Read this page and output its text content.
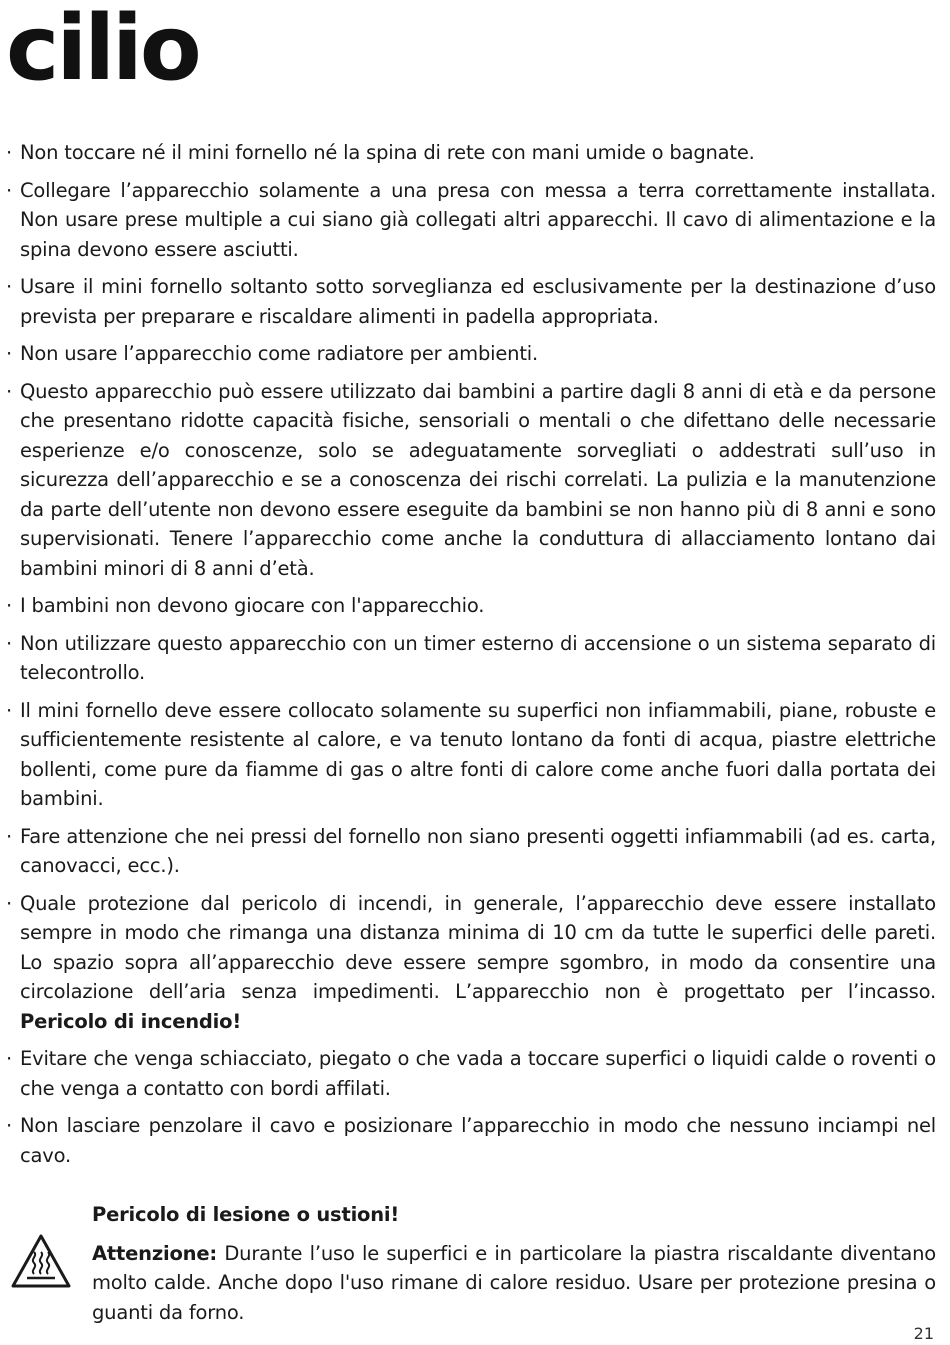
cilio
· Non toccare né il mini fornello né la spina di rete con mani umide o bagnate.
· Collegare l’apparecchio solamente a una presa con messa a terra correttamente installata. Non usare prese multiple a cui siano già collegati altri apparecchi. Il cavo di alimentazione e la spina devono essere asciutti.
· Usare il mini fornello soltanto sotto sorveglianza ed esclusivamente per la destinazione d’uso prevista per preparare e riscaldare alimenti in padella appropriata.
· Non usare l’apparecchio come radiatore per ambienti.
· Questo apparecchio può essere utilizzato dai bambini a partire dagli 8 anni di età e da persone che presentano ridotte capacità fisiche, sensoriali o mentali o che difettano delle necessarie esperienze e/o conoscenze, solo se adeguatamente sorvegliati o addestrati sull’uso in sicurezza dell’apparecchio e se a conoscenza dei rischi correlati. La pulizia e la manutenzione da parte dell’utente non devono essere eseguite da bambini se non hanno più di 8 anni e sono supervisionati. Tenere l’apparecchio come anche la conduttura di allacciamento lontano dai bambini minori di 8 anni d’età.
· I bambini non devono giocare con l'apparecchio.
· Non utilizzare questo apparecchio con un timer esterno di accensione o un sistema separato di telecontrollo.
· Il mini fornello deve essere collocato solamente su superfici non infiammabili, piane, robuste e sufficientemente resistente al calore, e va tenuto lontano da fonti di acqua, piastre elettriche bollenti, come pure da fiamme di gas o altre fonti di calore come anche fuori dalla portata dei bambini.
· Fare attenzione che nei pressi del fornello non siano presenti oggetti infiammabili (ad es. carta, canovacci, ecc.).
· Quale protezione dal pericolo di incendi, in generale, l’apparecchio deve essere installato sempre in modo che rimanga una distanza minima di 10 cm da tutte le superfici delle pareti. Lo spazio sopra all’apparecchio deve essere sempre sgombro, in modo da consentire una circolazione dell’aria senza impedimenti. L’apparecchio non è progettato per l’incasso. Pericolo di incendio!
· Evitare che venga schiacciato, piegato o che vada a toccare superfici o liquidi calde o roventi o che venga a contatto con bordi affilati.
· Non lasciare penzolare il cavo e posizionare l’apparecchio in modo che nessuno inciampi nel cavo.

Pericolo di lesione o ustioni!

Attenzione: Durante l’uso le superfici e in particolare la piastra riscaldante diventano molto calde. Anche dopo l'uso rimane di calore residuo. Usare per protezione presina o guanti da forno.

21
